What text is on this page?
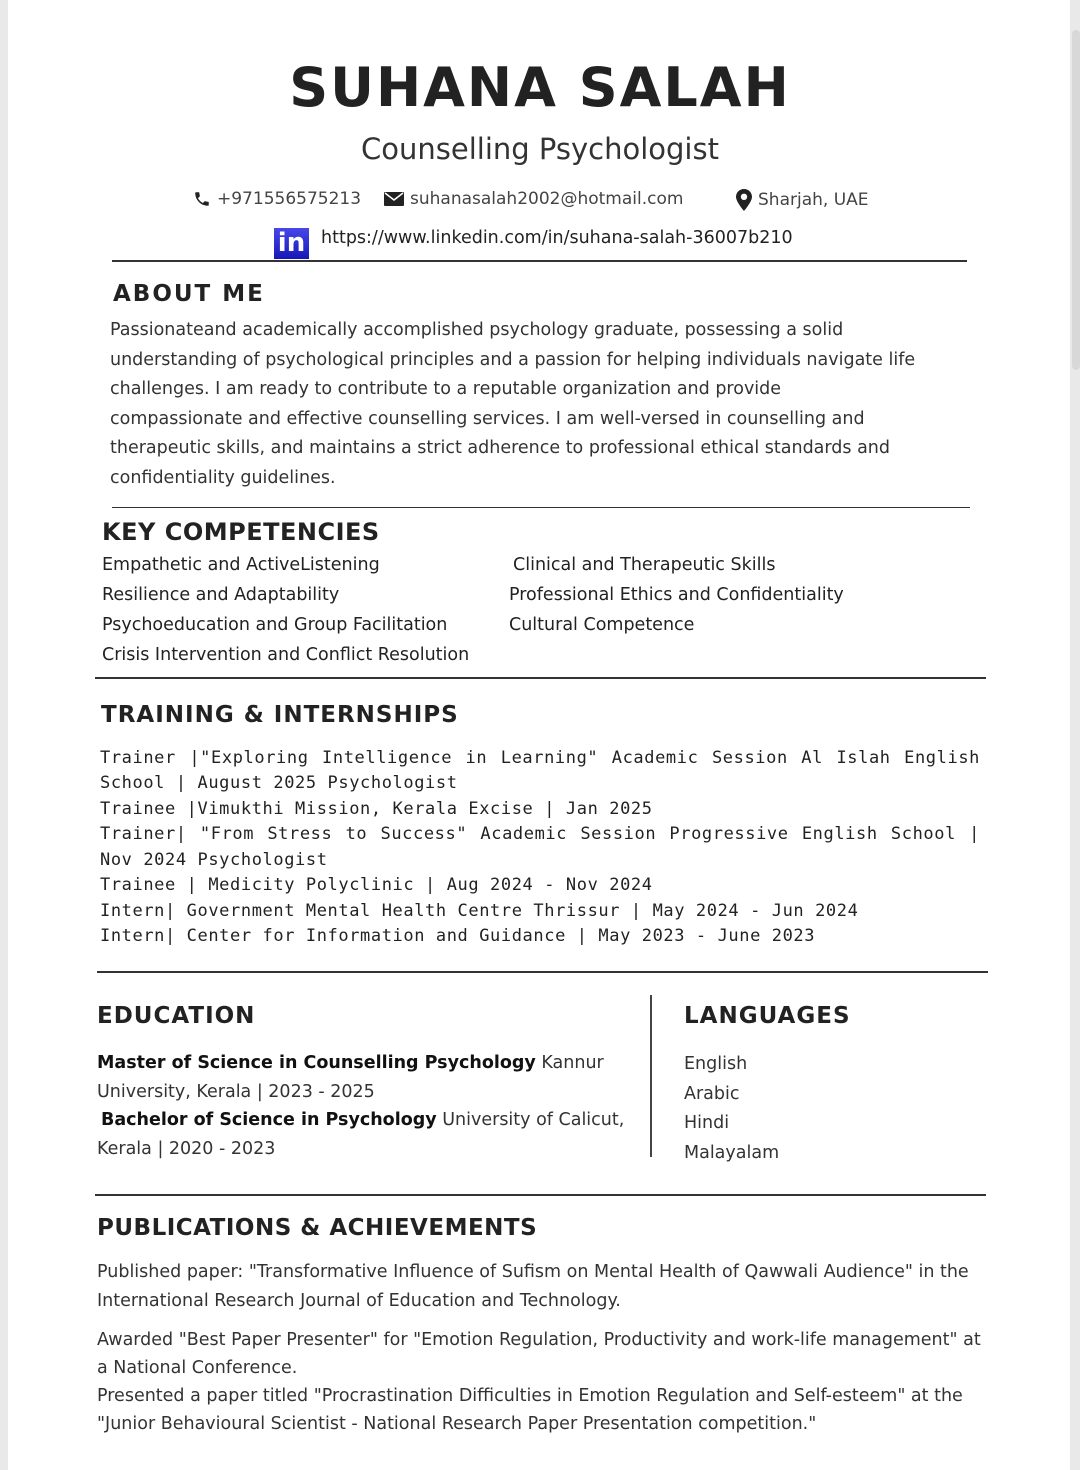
SUHANA SALAH
Counselling Psychologist
+971556575213	suhanasalah2002@hotmail.com	Sharjah, UAE
in https://www.linkedin.com/in/suhana-salah-36007b210
ABOUT ME
Passionateand academically accomplished psychology graduate, possessing a solid
understanding of psychological principles and a passion for helping individuals navigate life
challenges. I am ready to contribute to a reputable organization and provide
compassionate and effective counselling services. I am well-versed in counselling and
therapeutic skills, and maintains a strict adherence to professional ethical standards and
confidentiality guidelines.
KEY COMPETENCIES
Empathetic and ActiveListening
Resilience and Adaptability
Psychoeducation and Group Facilitation
Crisis Intervention and Conflict Resolution
Clinical and Therapeutic Skills
Professional Ethics and Confidentiality
Cultural Competence
TRAINING & INTERNSHIPS
Trainer |"Exploring Intelligence in Learning" Academic Session Al Islah English
School | August 2025 Psychologist
Trainee |Vimukthi Mission, Kerala Excise | Jan 2025
Trainer| "From Stress to Success" Academic Session Progressive English School |
Nov 2024 Psychologist
Trainee | Medicity Polyclinic | Aug 2024 - Nov 2024
Intern| Government Mental Health Centre Thrissur | May 2024 - Jun 2024
Intern| Center for Information and Guidance | May 2023 - June 2023
EDUCATION
Master of Science in Counselling Psychology Kannur
University, Kerala | 2023 - 2025
Bachelor of Science in Psychology University of Calicut,
Kerala | 2020 - 2023
LANGUAGES
English
Arabic
Hindi
Malayalam
PUBLICATIONS & ACHIEVEMENTS
Published paper: "Transformative Influence of Sufism on Mental Health of Qawwali Audience" in the
International Research Journal of Education and Technology.
Awarded "Best Paper Presenter" for "Emotion Regulation, Productivity and work-life management" at
a National Conference.
Presented a paper titled "Procrastination Difficulties in Emotion Regulation and Self-esteem" at the
"Junior Behavioural Scientist - National Research Paper Presentation competition."
